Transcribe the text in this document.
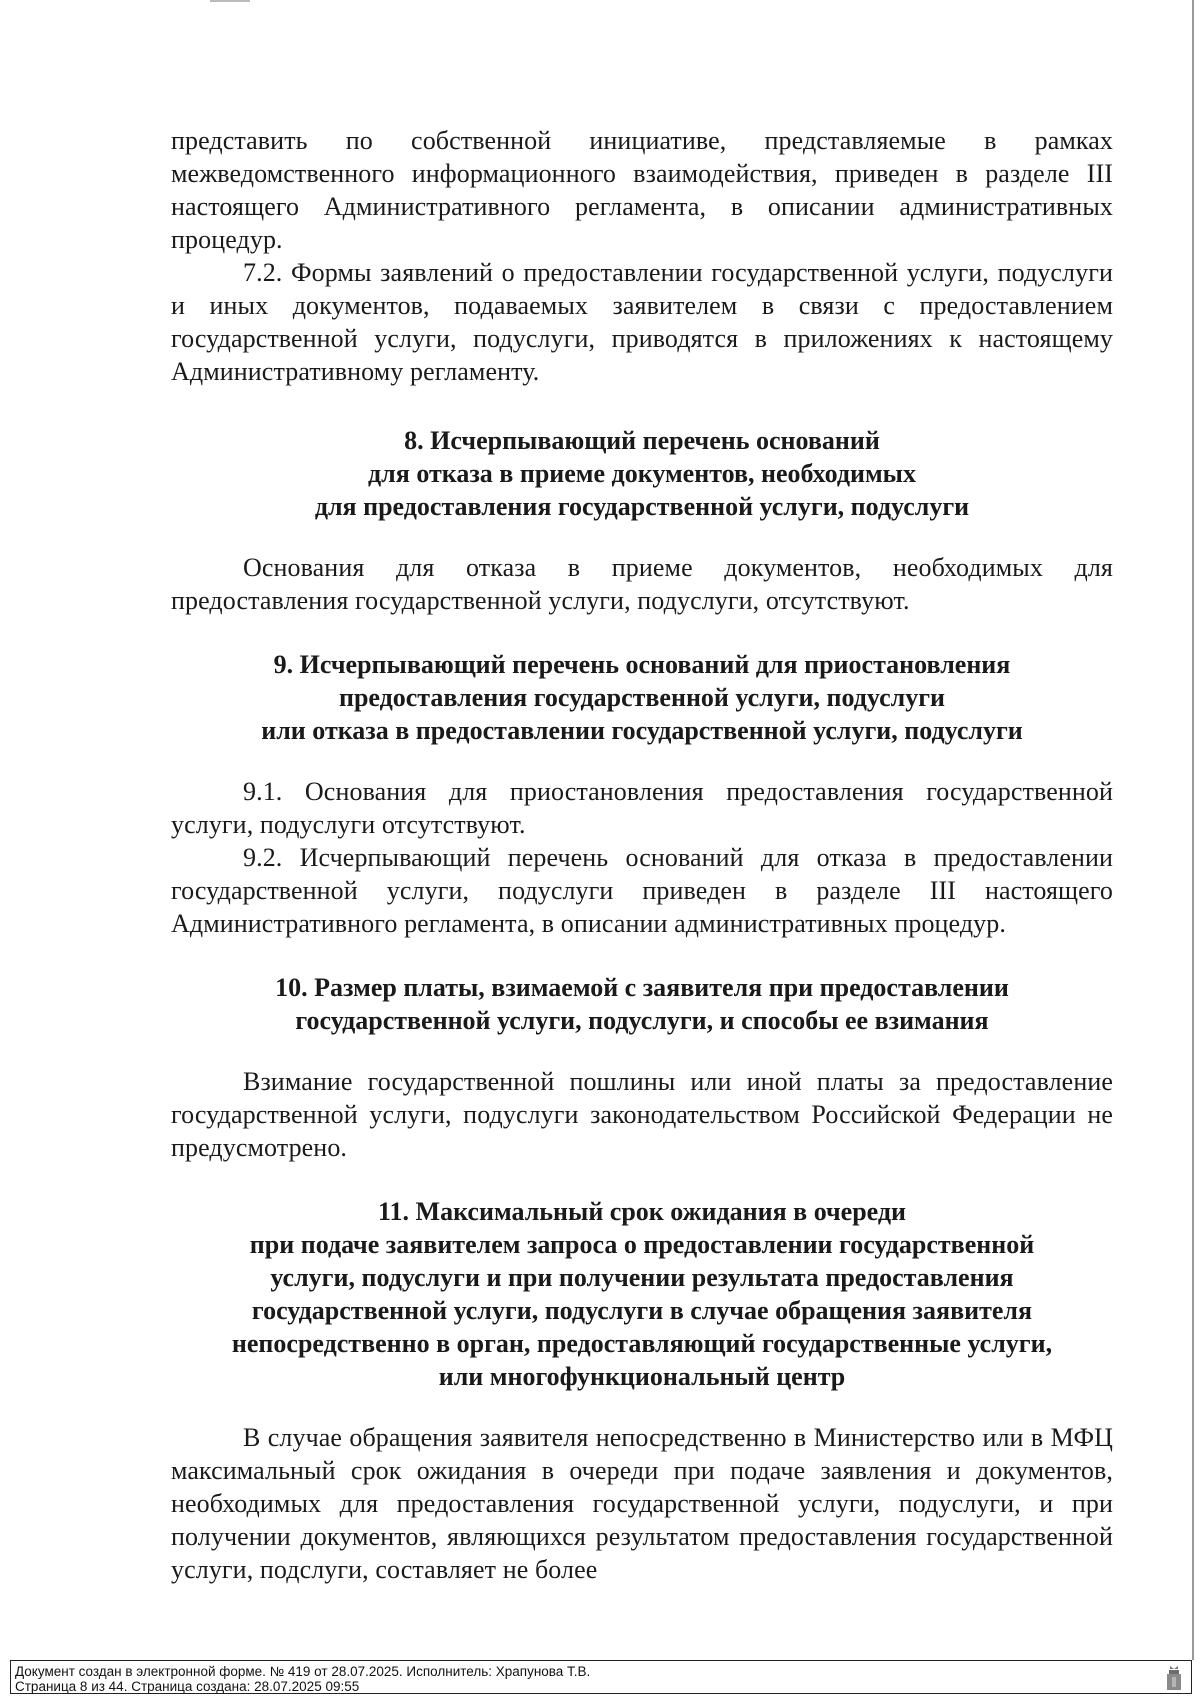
представить по собственной инициативе, представляемые в рамках межведомственного информационного взаимодействия, приведен в разделе III настоящего Административного регламента, в описании административных процедур.

7.2. Формы заявлений о предоставлении государственной услуги, подуслуги и иных документов, подаваемых заявителем в связи с предоставлением государственной услуги, подуслуги, приводятся в приложениях к настоящему Административному регламенту.

8. Исчерпывающий перечень оснований
для отказа в приеме документов, необходимых
для предоставления государственной услуги, подуслуги

Основания для отказа в приеме документов, необходимых для предоставления государственной услуги, подуслуги, отсутствуют.

9. Исчерпывающий перечень оснований для приостановления
предоставления государственной услуги, подуслуги
или отказа в предоставлении государственной услуги, подуслуги

9.1. Основания для приостановления предоставления государственной услуги, подуслуги отсутствуют.

9.2. Исчерпывающий перечень оснований для отказа в предоставлении государственной услуги, подуслуги приведен в разделе III настоящего Административного регламента, в описании административных процедур.

10. Размер платы, взимаемой с заявителя при предоставлении
государственной услуги, подуслуги, и способы ее взимания

Взимание государственной пошлины или иной платы за предоставление государственной услуги, подуслуги законодательством Российской Федерации не предусмотрено.

11. Максимальный срок ожидания в очереди
при подаче заявителем запроса о предоставлении государственной
услуги, подуслуги и при получении результата предоставления
государственной услуги, подуслуги в случае обращения заявителя
непосредственно в орган, предоставляющий государственные услуги,
или многофункциональный центр

В случае обращения заявителя непосредственно в Министерство или в МФЦ максимальный срок ожидания в очереди при подаче заявления и документов, необходимых для предоставления государственной услуги, подуслуги, и при получении документов, являющихся результатом предоставления государственной услуги, подслуги, составляет не более

Документ создан в электронной форме. № 419 от 28.07.2025. Исполнитель: Храпунова Т.В.
Страница 8 из 44. Страница создана: 28.07.2025 09:55
